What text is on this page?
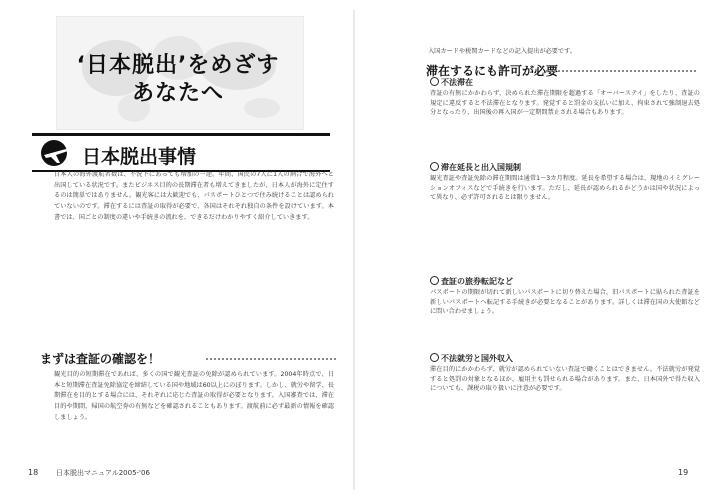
‘日本脱出’をめざす
あなたへ
日本脱出事情
日本人の海外渡航者数は、不況下にあっても増加の一途。年間、国民の7人に1人の割合で海外へと出国している状況です。またビジネス目的の長期滞在者も増えてきましたが、日本人が海外に定住するのは簡単ではありません。観光客には大歓迎でも、パスポートひとつで住み続けることは認められていないのです。滞在するには査証の取得が必要で、各国はそれぞれ独自の条件を設けています。本書では、国ごとの制度の違いや手続きの流れを、できるだけわかりやすく紹介していきます。
まずは査証の確認を！
観光目的の短期滞在であれば、多くの国で観光査証の免除が認められています。2004年時点で、日本と短期滞在査証免除協定を締結している国や地域は60以上にのぼります。しかし、就労や留学、長期滞在を目的とする場合には、それぞれに応じた査証の取得が必要となります。入国審査では、滞在目的や期間、帰国の航空券の有無などを確認されることもあります。渡航前に必ず最新の情報を確認しましょう。
18	日本脱出マニュアル2005-'06
入国カードや税関カードなどの記入提出が必要です。
滞在するにも許可が必要
不法滞在
査証の有無にかかわらず、決められた滞在期限を超過する「オーバーステイ」をしたり、査証の規定に違反すると不法滞在となります。発覚すると罰金の支払いに加え、拘束されて強制退去処分となったり、出国後の再入国が一定期間禁止される場合もあります。
滞在延長と出入国規制
観光査証や査証免除の滞在期間は通常1～3カ月程度。延長を希望する場合は、現地のイミグレーションオフィスなどで手続きを行います。ただし、延長が認められるかどうかは国や状況によって異なり、必ず許可されるとは限りません。
査証の旅券転記など
パスポートの期限が切れて新しいパスポートに切り替えた場合、旧パスポートに貼られた査証を新しいパスポートへ転記する手続きが必要となることがあります。詳しくは滞在国の大使館などに問い合わせましょう。
不法就労と国外収入
滞在目的にかかわらず、就労が認められていない査証で働くことはできません。不法就労が発覚すると処罰の対象となるほか、雇用主も罰せられる場合があります。また、日本国外で得た収入についても、課税の取り扱いに注意が必要です。
19
